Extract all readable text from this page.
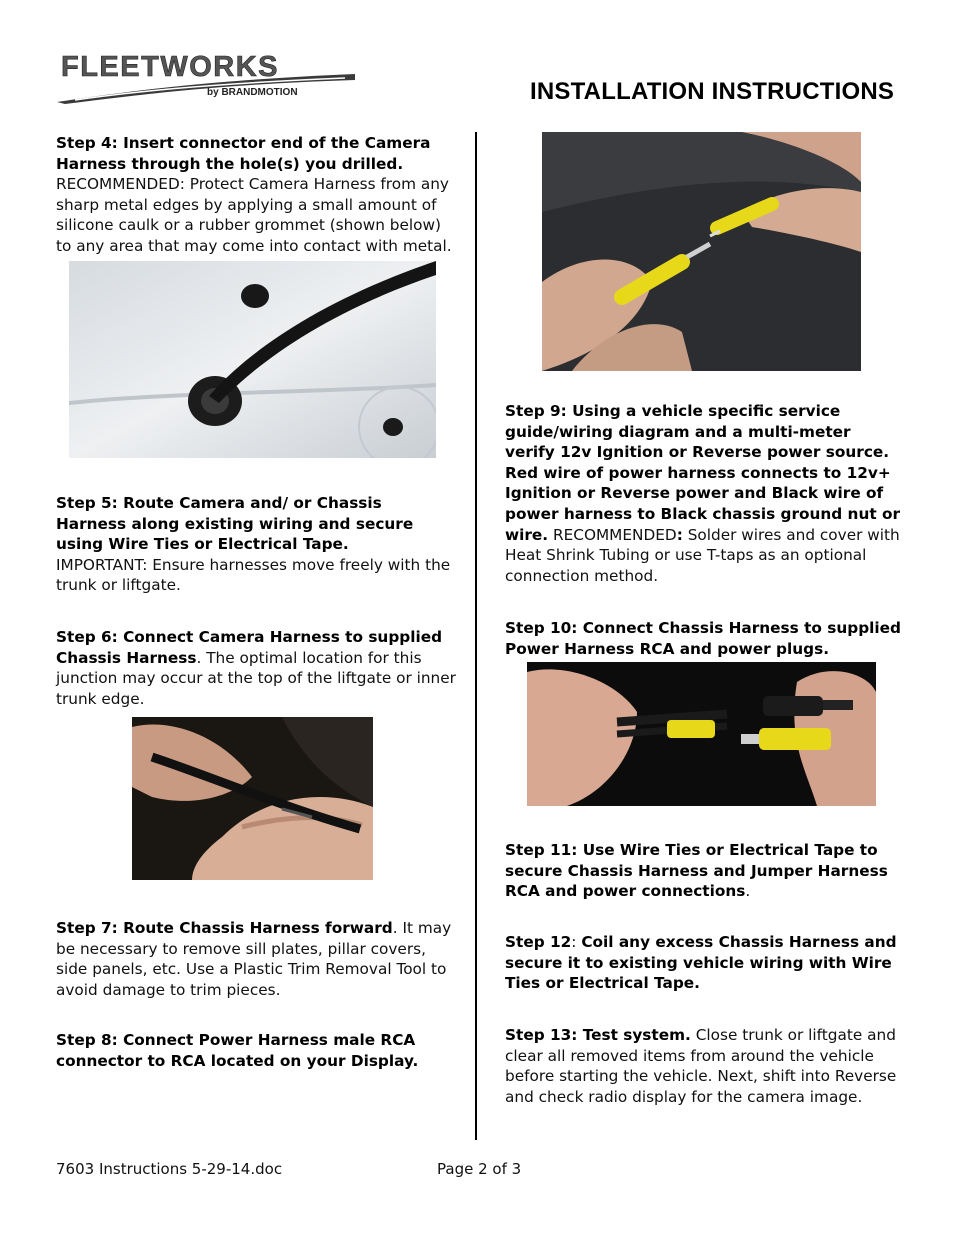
FLEETWORKS
by BRANDMOTION	INSTALLATION INSTRUCTIONS
Step 4: Insert connector end of the Camera Harness through the hole(s) you drilled.
RECOMMENDED: Protect Camera Harness from any sharp metal edges by applying a small amount of silicone caulk or a rubber grommet (shown below) to any area that may come into contact with metal.
Step 5: Route Camera and/ or Chassis Harness along existing wiring and secure using Wire Ties or Electrical Tape.
IMPORTANT: Ensure harnesses move freely with the trunk or liftgate.
Step 6: Connect Camera Harness to supplied Chassis Harness. The optimal location for this junction may occur at the top of the liftgate or inner trunk edge.
Step 7: Route Chassis Harness forward. It may be necessary to remove sill plates, pillar covers, side panels, etc. Use a Plastic Trim Removal Tool to avoid damage to trim pieces.
Step 8: Connect Power Harness male RCA connector to RCA located on your Display.
Step 9: Using a vehicle specific service guide/wiring diagram and a multi-meter verify 12v Ignition or Reverse power source. Red wire of power harness connects to 12v+ Ignition or Reverse power and Black wire of power harness to Black chassis ground nut or wire. RECOMMENDED: Solder wires and cover with Heat Shrink Tubing or use T-taps as an optional connection method.
Step 10: Connect Chassis Harness to supplied Power Harness RCA and power plugs.
Step 11: Use Wire Ties or Electrical Tape to secure Chassis Harness and Jumper Harness RCA and power connections.
Step 12: Coil any excess Chassis Harness and secure it to existing vehicle wiring with Wire Ties or Electrical Tape.
Step 13: Test system. Close trunk or liftgate and clear all removed items from around the vehicle before starting the vehicle. Next, shift into Reverse and check radio display for the camera image.
7603 Instructions 5-29-14.doc	Page 2 of 3
